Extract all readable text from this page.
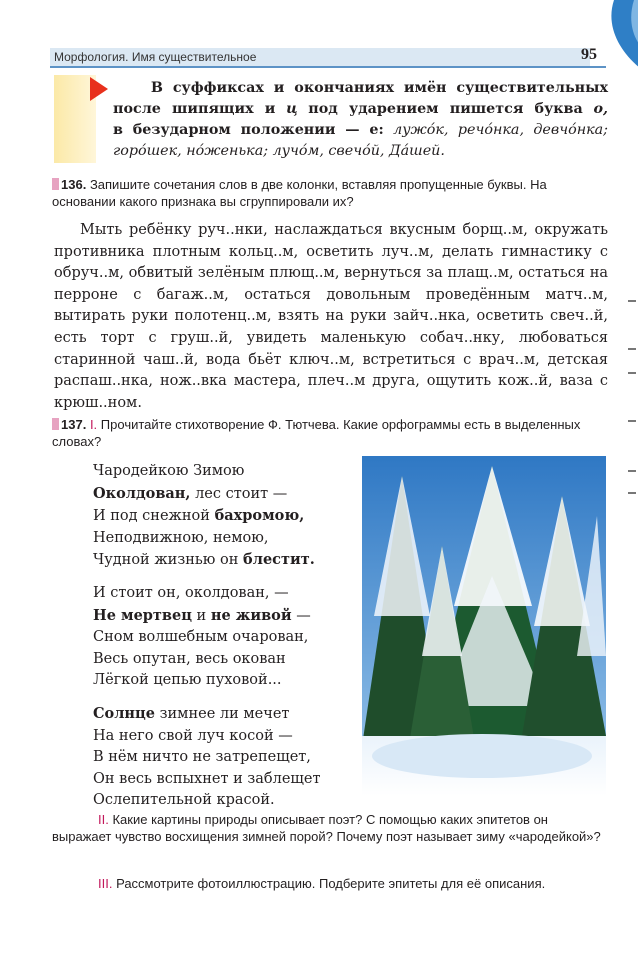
Морфология. Имя существительное	95
В суффиксах и окончаниях имён существительных
после шипящих и ц под ударением пишется буква о,
в безударном положении — е: лужóк, речóнка, девчóнка;
горóшек, нóженька; лучóм, свечóй, Дáшей.
136. Запишите сочетания слов в две колонки, вставляя пропущенные буквы. На основании какого признака вы сгруппировали их?
Мыть ребёнку руч..нки, наслаждаться вкусным борщ..м, окружать противника плотным кольц..м, осветить луч..м, делать гимнастику с обруч..м, обвитый зелёным плющ..м, вернуться за плащ..м, остаться на перроне с багаж..м, остаться довольным проведённым матч..м, вытирать руки полотенц..м, взять на руки зайч..нка, осветить свеч..й, есть торт с груш..й, увидеть маленькую собач..нку, любоваться старинной чаш..й, вода бьёт ключ..м, встретиться с врач..м, детская распаш..нка, нож..вка мастера, плеч..м друга, ощутить кож..й, ваза с крюш..ном.
137. I. Прочитайте стихотворение Ф. Тютчева. Какие орфограммы есть в выделенных словах?
Чародейкою Зимою
Околдован, лес стоит —
И под снежной бахромою,
Неподвижною, немою,
Чудной жизнью он блестит.
И стоит он, околдован, —
Не мертвец и не живой —
Сном волшебным очарован,
Весь опутан, весь окован
Лёгкой цепью пуховой...
Солнце зимнее ли мечет
На него свой луч косой —
В нём ничто не затрепещет,
Он весь вспыхнет и заблещет
Ослепительной красой.
II. Какие картины природы описывает поэт? С помощью каких эпитетов он выражает чувство восхищения зимней порой? Почему поэт называет зиму «чародейкой»?
III. Рассмотрите фотоиллюстрацию. Подберите эпитеты для её описания.
